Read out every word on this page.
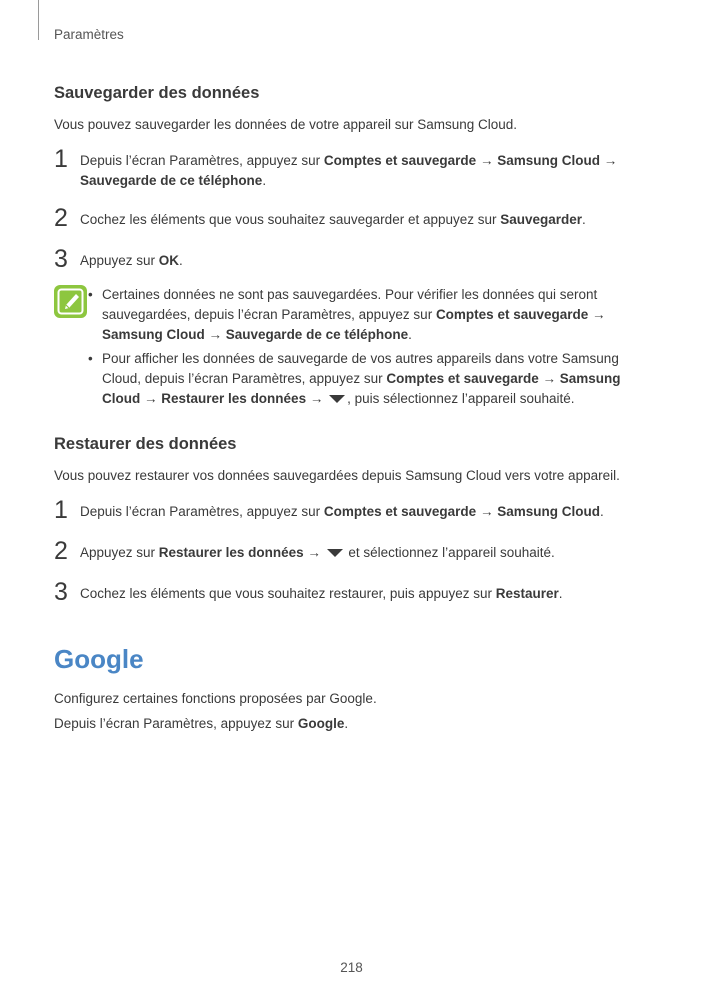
Paramètres
Sauvegarder des données

Vous pouvez sauvegarder les données de votre appareil sur Samsung Cloud.

1 Depuis l’écran Paramètres, appuyez sur Comptes et sauvegarde → Samsung Cloud → Sauvegarde de ce téléphone.
2 Cochez les éléments que vous souhaitez sauvegarder et appuyez sur Sauvegarder.
3 Appuyez sur OK.
• Certaines données ne sont pas sauvegardées. Pour vérifier les données qui seront sauvegardées, depuis l’écran Paramètres, appuyez sur Comptes et sauvegarde → Samsung Cloud → Sauvegarde de ce téléphone.
• Pour afficher les données de sauvegarde de vos autres appareils dans votre Samsung Cloud, depuis l’écran Paramètres, appuyez sur Comptes et sauvegarde → Samsung Cloud → Restaurer les données → , puis sélectionnez l’appareil souhaité.
Restaurer des données

Vous pouvez restaurer vos données sauvegardées depuis Samsung Cloud vers votre appareil.

1 Depuis l’écran Paramètres, appuyez sur Comptes et sauvegarde → Samsung Cloud.
2 Appuyez sur Restaurer les données →  et sélectionnez l’appareil souhaité.
3 Cochez les éléments que vous souhaitez restaurer, puis appuyez sur Restaurer.
Google

Configurez certaines fonctions proposées par Google.

Depuis l’écran Paramètres, appuyez sur Google.

218
